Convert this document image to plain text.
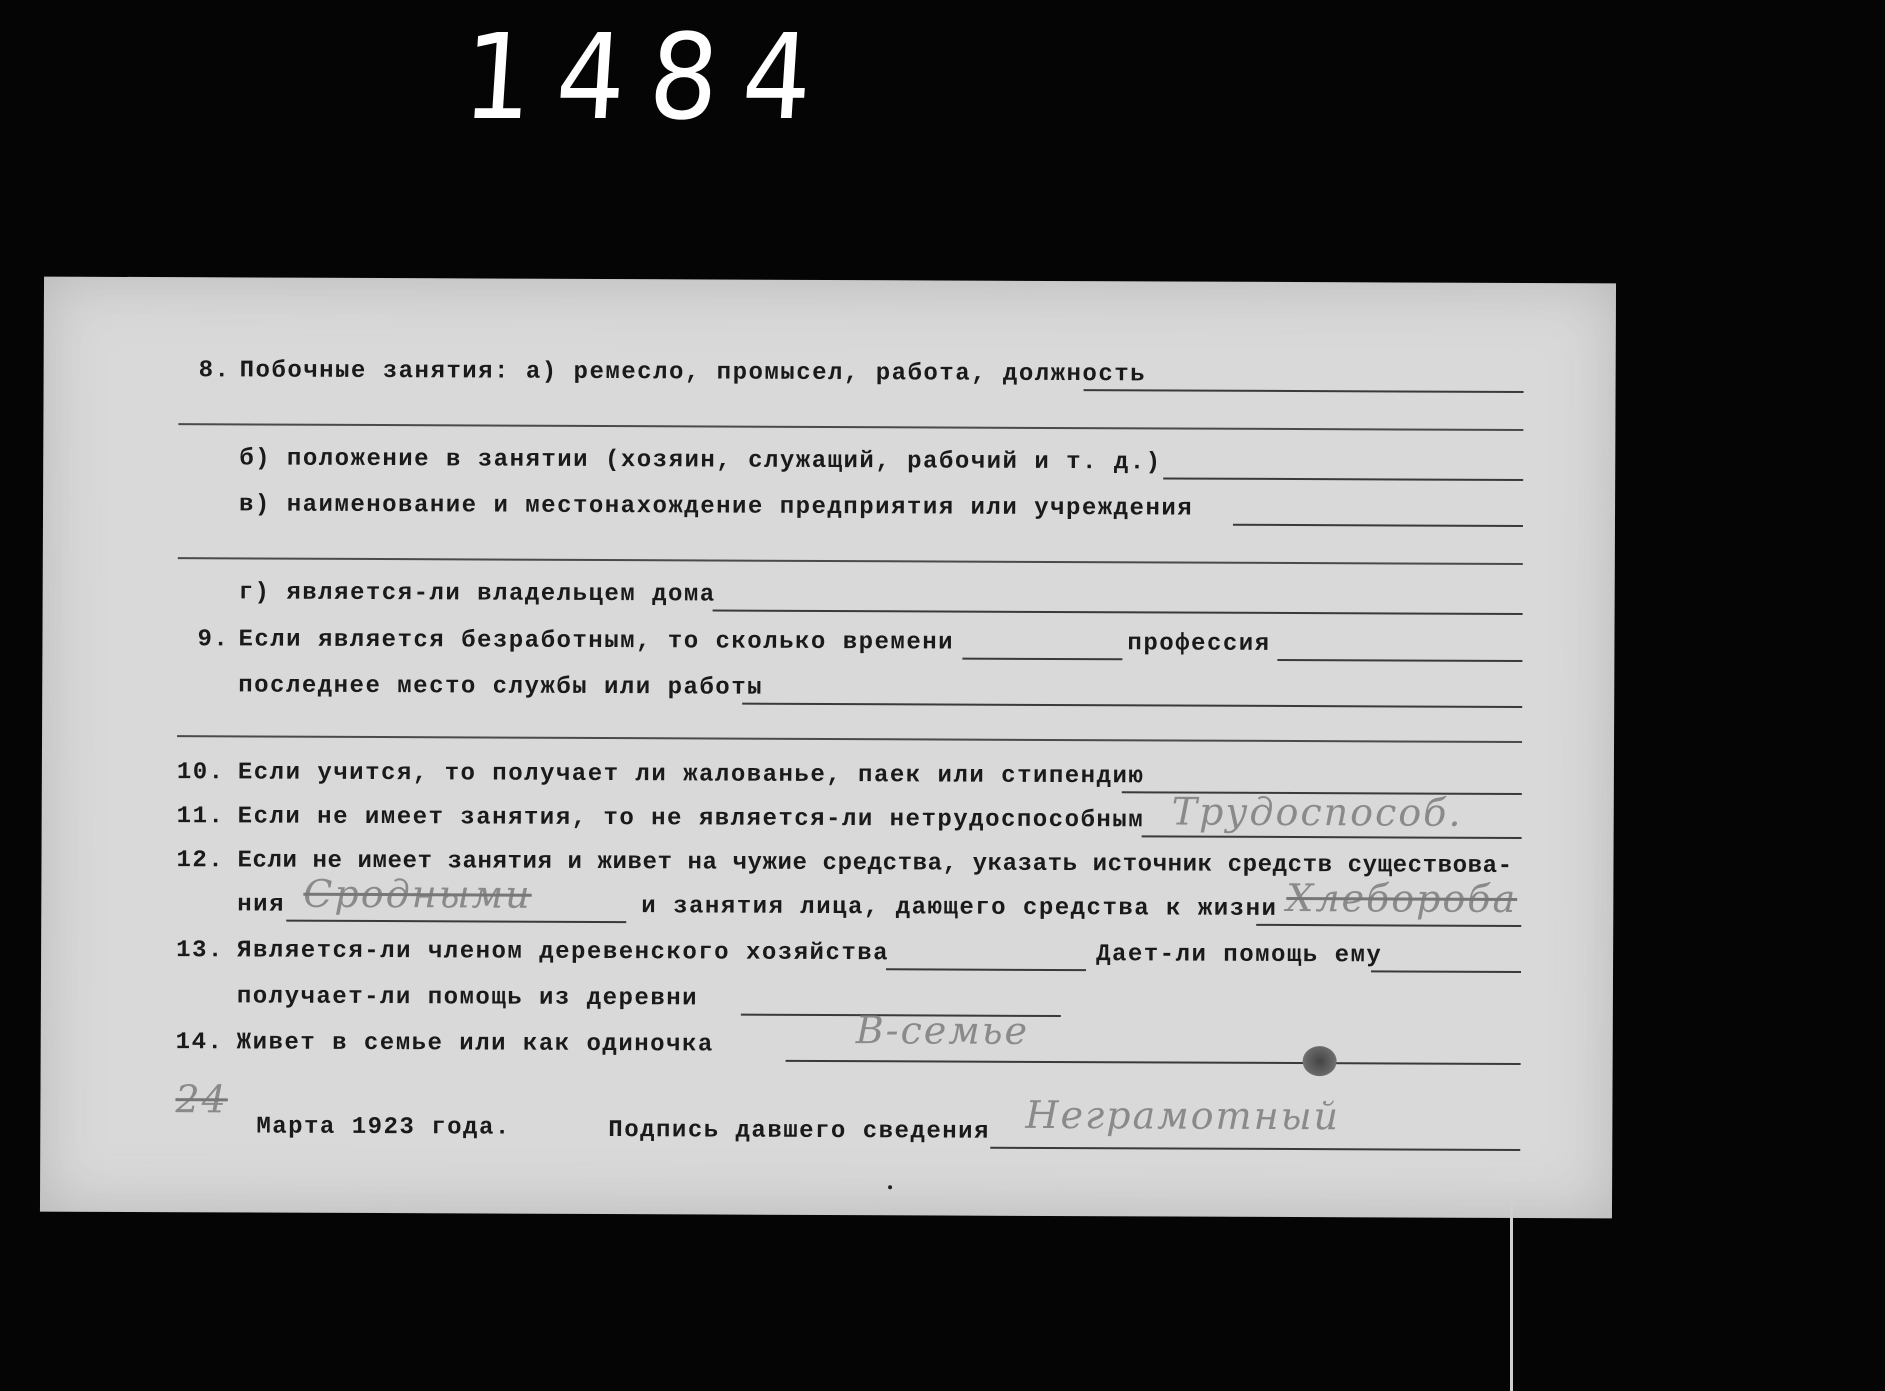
1484
8. Побочные занятия: а) ремесло, промысел, работа, должность
б) положение в занятии (хозяин, служащий, рабочий и т. д.)
в) наименование и местонахождение предприятия или учреждения
г) является-ли владельцем дома
9. Если является безработным, то сколько времени	профессия
последнее место службы или работы
10. Если учится, то получает ли жалованье, паек или стипендию
11. Если не имеет занятия, то не является-ли нетрудоспособным Трудоспособ.
12. Если не имеет занятия и живет на чужие средства, указать источник средств существова-
ния Сродными	и занятия лица, дающего средства к жизни Хлебороба
13. Является-ли членом деревенского хозяйства	Дает-ли помощь ему
получает-ли помощь из деревни
14. Живет в семье или как одиночка	В-семье
24
Марта 1923 года.	Подпись давшего сведения Неграмотный
